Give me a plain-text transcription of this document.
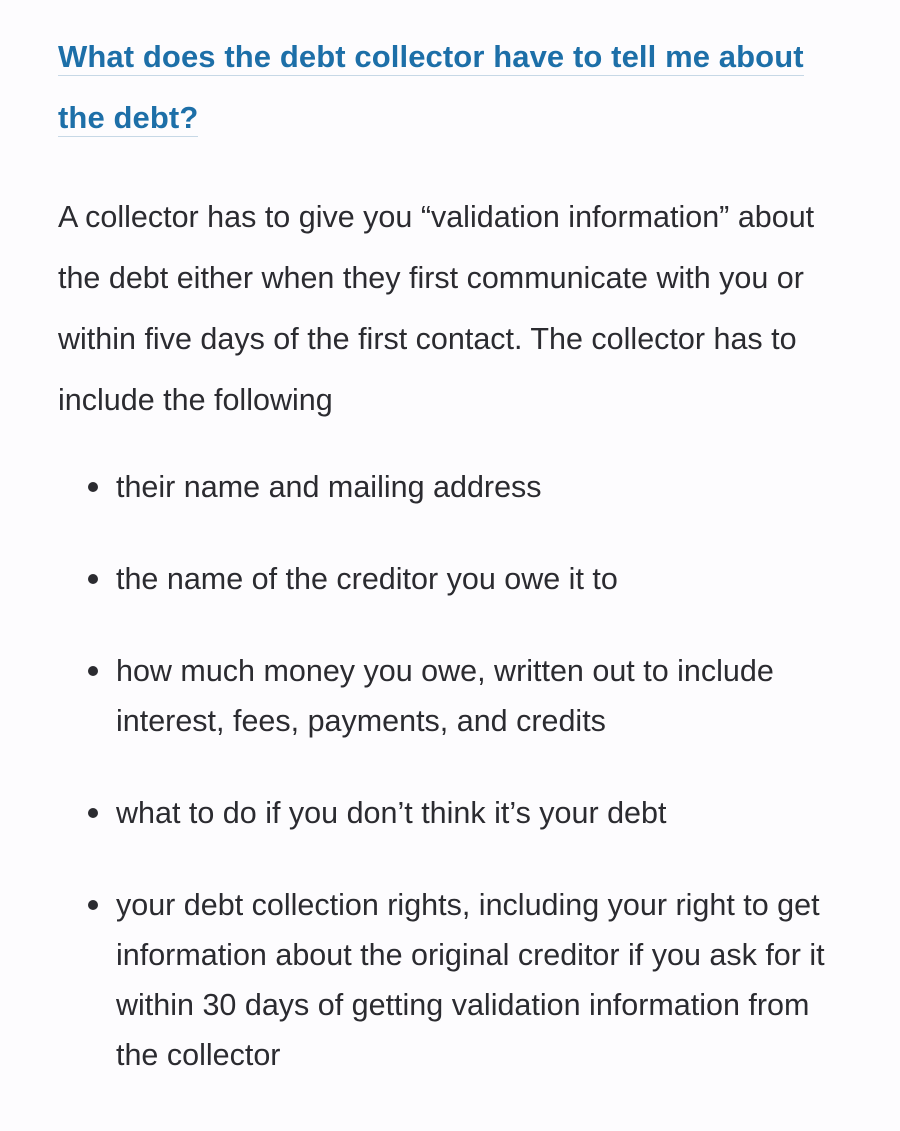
What does the debt collector have to tell me about
the debt?

A collector has to give you “validation information” about the debt either when they first communicate with you or within five days of the first contact. The collector has to include the following

their name and mailing address
the name of the creditor you owe it to
how much money you owe, written out to include interest, fees, payments, and credits
what to do if you don’t think it’s your debt
your debt collection rights, including your right to get information about the original creditor if you ask for it within 30 days of getting validation information from the collector
